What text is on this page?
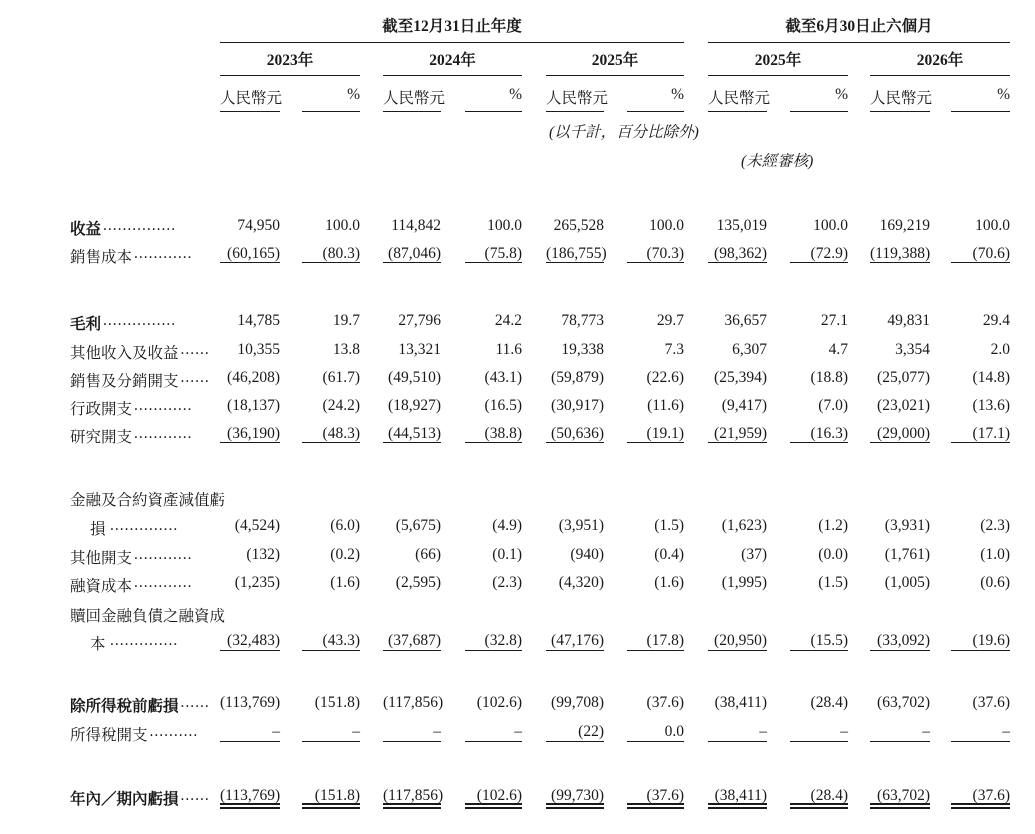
截至12月31日止年度	截至6月30日止六個月
2023年	2024年	2025年	2025年	2026年
人民幣元	% 人民幣元	% 人民幣元	% 人民幣元	% 人民幣元	%
(以千計，百分比除外)
(未經審核)
收益 ...............	74,950	100.0	114,842	100.0	265,528	100.0	135,019	100.0	169,219	100.0
銷售成本 ............	(60,165)	(80.3)	(87,046)	(75.8) (186,755)	(70.3)	(98,362)	(72.9) (119,388)	(70.6)
毛利 ...............	14,785	19.7	27,796	24.2	78,773	29.7	36,657	27.1	49,831	29.4
其他收入及收益 ......	10,355	13.8	13,321	11.6	19,338	7.3	6,307	4.7	3,354	2.0
銷售及分銷開支 ......	(46,208)	(61.7)	(49,510)	(43.1)	(59,879)	(22.6)	(25,394)	(18.8)	(25,077)	(14.8)
行政開支 ............	(18,137)	(24.2)	(18,927)	(16.5)	(30,917)	(11.6)	(9,417)	(7.0)	(23,021)	(13.6)
研究開支 ............	(36,190)	(48.3)	(44,513)	(38.8)	(50,636)	(19.1)	(21,959)	(16.3)	(29,000)	(17.1)
金融及合約資產減值虧
損 ..............	(4,524)	(6.0)	(5,675)	(4.9)	(3,951)	(1.5)	(1,623)	(1.2)	(3,931)	(2.3)
其他開支 ............	(132)	(0.2)	(66)	(0.1)	(940)	(0.4)	(37)	(0.0)	(1,761)	(1.0)
融資成本 ............	(1,235)	(1.6)	(2,595)	(2.3)	(4,320)	(1.6)	(1,995)	(1.5)	(1,005)	(0.6)
贖回金融負債之融資成
本 ..............	(32,483)	(43.3)	(37,687)	(32.8)	(47,176)	(17.8)	(20,950)	(15.5)	(33,092)	(19.6)
除所得稅前虧損 ...... (113,769)	(151.8) (117,856)	(102.6)	(99,708)	(37.6)	(38,411)	(28.4)	(63,702)	(37.6)
所得稅開支 ..........	–	–	–	–	(22)	0.0	–	–	–	–
年內／期內虧損 ...... (113,769)	(151.8) (117,856)	(102.6)	(99,730)	(37.6)	(38,411)	(28.4)	(63,702)	(37.6)
